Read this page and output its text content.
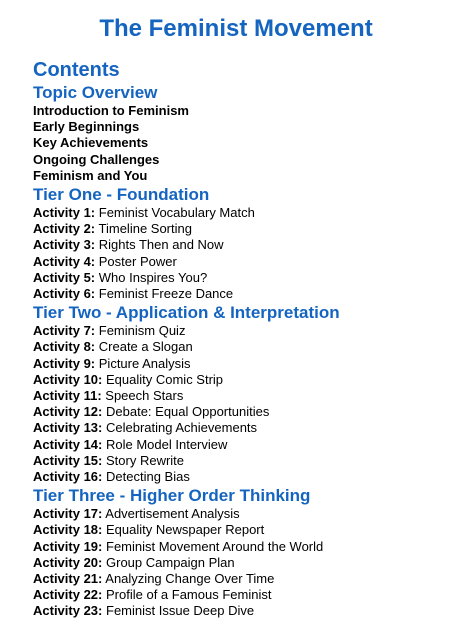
The Feminist Movement
Contents
Topic Overview
Introduction to Feminism
Early Beginnings
Key Achievements
Ongoing Challenges
Feminism and You
Tier One - Foundation
Activity 1: Feminist Vocabulary Match
Activity 2: Timeline Sorting
Activity 3: Rights Then and Now
Activity 4: Poster Power
Activity 5: Who Inspires You?
Activity 6: Feminist Freeze Dance
Tier Two - Application & Interpretation
Activity 7: Feminism Quiz
Activity 8: Create a Slogan
Activity 9: Picture Analysis
Activity 10: Equality Comic Strip
Activity 11: Speech Stars
Activity 12: Debate: Equal Opportunities
Activity 13: Celebrating Achievements
Activity 14: Role Model Interview
Activity 15: Story Rewrite
Activity 16: Detecting Bias
Tier Three - Higher Order Thinking
Activity 17: Advertisement Analysis
Activity 18: Equality Newspaper Report
Activity 19: Feminist Movement Around the World
Activity 20: Group Campaign Plan
Activity 21: Analyzing Change Over Time
Activity 22: Profile of a Famous Feminist
Activity 23: Feminist Issue Deep Dive
